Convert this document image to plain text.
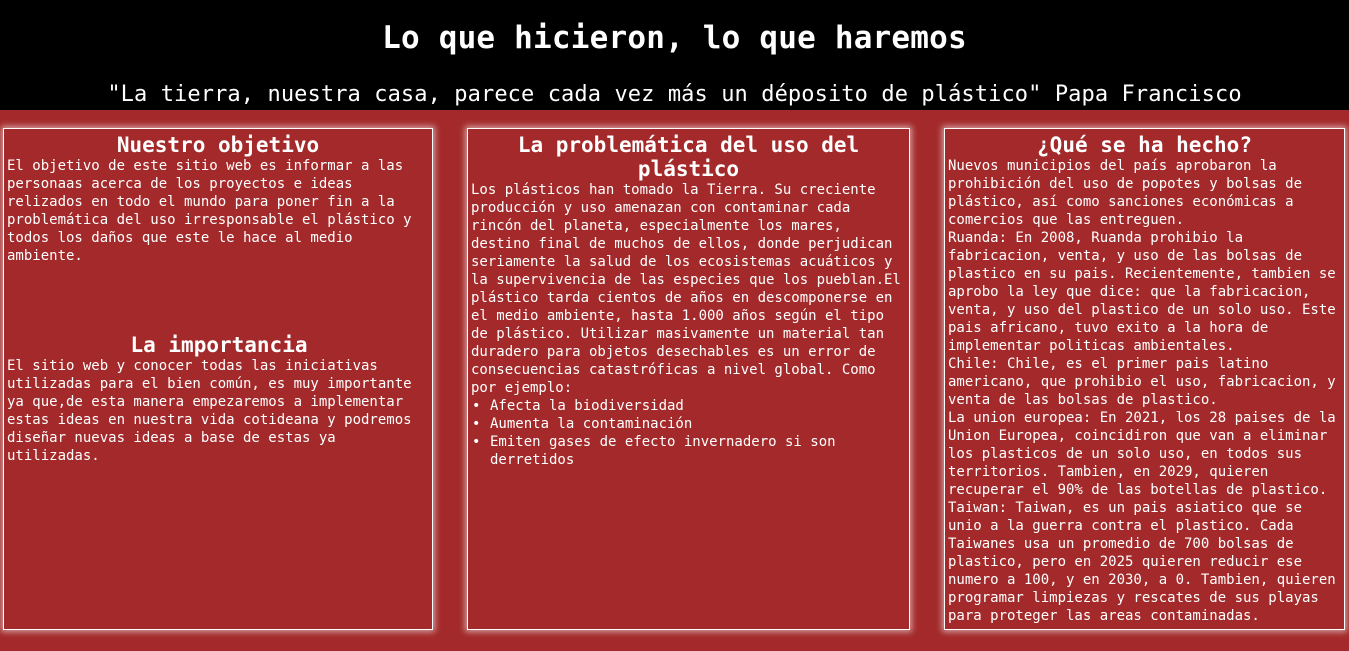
Lo que hicieron, lo que haremos

"La tierra, nuestra casa, parece cada vez más un déposito de plástico" Papa Francisco

Nuestro objetivo

El objetivo de este sitio web es informar a las personaas acerca de los proyectos e ideas relizados en todo el mundo para poner fin a la problemática del uso irresponsable el plástico y todos los daños que este le hace al medio ambiente.

La importancia

El sitio web y conocer todas las iniciativas utilizadas para el bien común, es muy importante ya que,de esta manera empezaremos a implementar estas ideas en nuestra vida cotideana y podremos diseñar nuevas ideas a base de estas ya utilizadas.

La problemática del uso del plástico

Los plásticos han tomado la Tierra. Su creciente producción y uso amenazan con contaminar cada rincón del planeta, especialmente los mares, destino final de muchos de ellos, donde perjudican seriamente la salud de los ecosistemas acuáticos y la supervivencia de las especies que los pueblan.El plástico tarda cientos de años en descomponerse en el medio ambiente, hasta 1.000 años según el tipo de plástico. Utilizar masivamente un material tan duradero para objetos desechables es un error de consecuencias catastróficas a nivel global. Como por ejemplo:

• Afecta la biodiversidad
• Aumenta la contaminación
• Emiten gases de efecto invernadero si son derretidos
¿Qué se ha hecho?

Nuevos municipios del país aprobaron la prohibición del uso de popotes y bolsas de plástico, así como sanciones económicas a comercios que las entreguen.

Ruanda: En 2008, Ruanda prohibio la fabricacion, venta, y uso de las bolsas de plastico en su pais. Recientemente, tambien se aprobo la ley que dice: que la fabricacion, venta, y uso del plastico de un solo uso. Este pais africano, tuvo exito a la hora de implementar politicas ambientales.

Chile: Chile, es el primer pais latino americano, que prohibio el uso, fabricacion, y venta de las bolsas de plastico.

La union europea: En 2021, los 28 paises de la Union Europea, coincidiron que van a eliminar los plasticos de un solo uso, en todos sus territorios. Tambien, en 2029, quieren recuperar el 90% de las botellas de plastico.

Taiwan: Taiwan, es un pais asiatico que se unio a la guerra contra el plastico. Cada Taiwanes usa un promedio de 700 bolsas de plastico, pero en 2025 quieren reducir ese numero a 100, y en 2030, a 0. Tambien, quieren programar limpiezas y rescates de sus playas para proteger las areas contaminadas.
